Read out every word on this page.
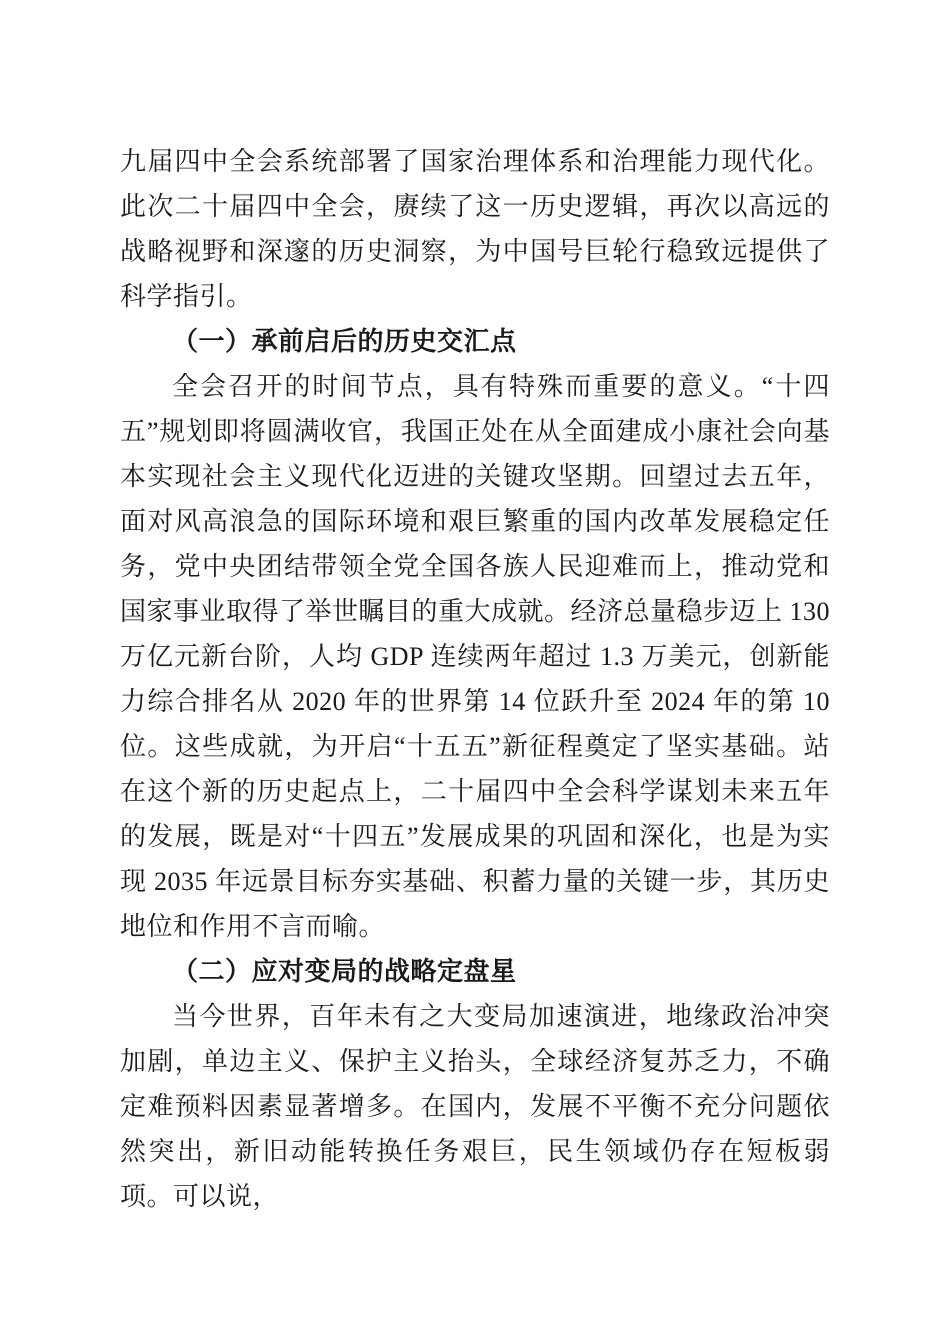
九届四中全会系统部署了国家治理体系和治理能力现代化。此次二十届四中全会，赓续了这一历史逻辑，再次以高远的战略视野和深邃的历史洞察，为中国号巨轮行稳致远提供了科学指引。

（一）承前启后的历史交汇点

全会召开的时间节点，具有特殊而重要的意义。“十四五”规划即将圆满收官，我国正处在从全面建成小康社会向基本实现社会主义现代化迈进的关键攻坚期。回望过去五年，面对风高浪急的国际环境和艰巨繁重的国内改革发展稳定任务，党中央团结带领全党全国各族人民迎难而上，推动党和国家事业取得了举世瞩目的重大成就。经济总量稳步迈上 130 万亿元新台阶，人均 GDP 连续两年超过 1.3 万美元，创新能力综合排名从 2020 年的世界第 14 位跃升至 2024 年的第 10 位。这些成就，为开启“十五五”新征程奠定了坚实基础。站在这个新的历史起点上，二十届四中全会科学谋划未来五年的发展，既是对“十四五”发展成果的巩固和深化，也是为实现 2035 年远景目标夯实基础、积蓄力量的关键一步，其历史地位和作用不言而喻。

（二）应对变局的战略定盘星

当今世界，百年未有之大变局加速演进，地缘政治冲突加剧，单边主义、保护主义抬头，全球经济复苏乏力，不确定难预料因素显著增多。在国内，发展不平衡不充分问题依然突出，新旧动能转换任务艰巨，民生领域仍存在短板弱项。可以说，
